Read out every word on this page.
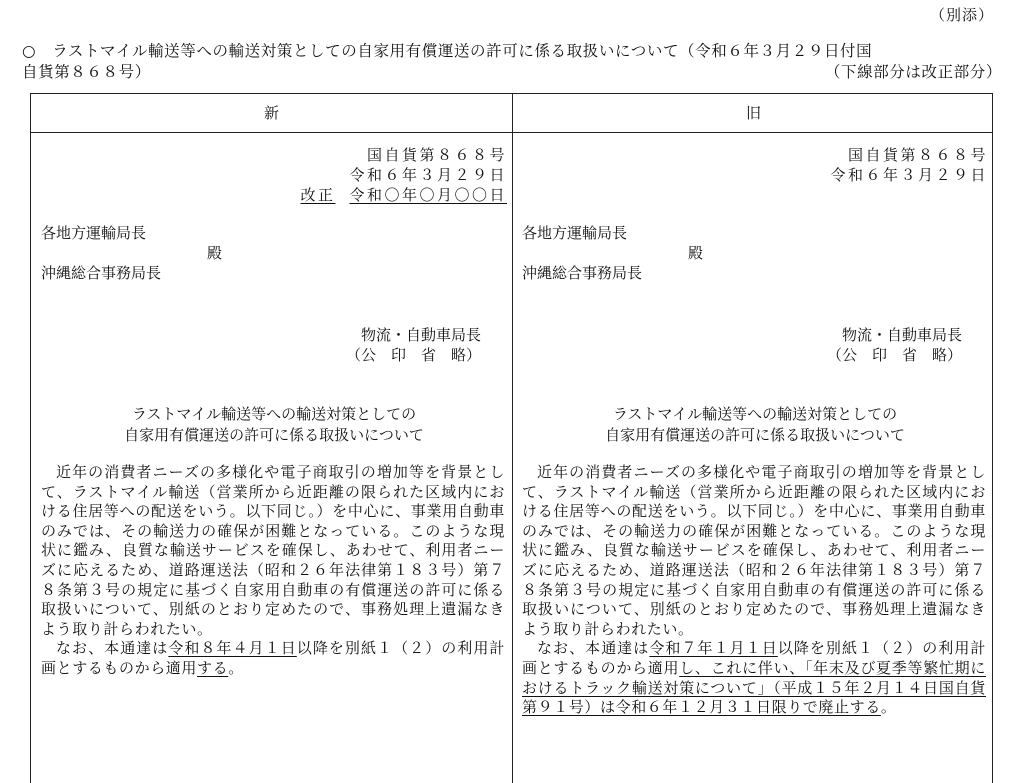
（別添）
○　ラストマイル輸送等への輸送対策としての自家用有償運送の許可に係る取扱いについて（令和６年３月２９日付国
自貨第８６８号）	（下線部分は改正部分）
新	旧
国自貨第８６８号
令和６年３月２９日
改正 令和〇年〇月〇〇日
各地方運輸局長
殿
沖縄総合事務局長
物流・自動車局長
（公　印　省　略）
ラストマイル輸送等への輸送対策としての
自家用有償運送の許可に係る取扱いについて

近年の消費者ニーズの多様化や電子商取引の増加等を背景として、ラストマイル輸送（営業所から近距離の限られた区域内における住居等への配送をいう。以下同じ。）を中心に、事業用自動車のみでは、その輸送力の確保が困難となっている。このような現状に鑑み、良質な輸送サービスを確保し、あわせて、利用者ニーズに応えるため、道路運送法（昭和２６年法律第１８３号）第７８条第３号の規定に基づく自家用自動車の有償運送の許可に係る取扱いについて、別紙のとおり定めたので、事務処理上遺漏なきよう取り計らわれたい。

なお、本通達は令和８年４月１日以降を別紙１（２）の利用計画とするものから適用する。

国自貨第８６８号
令和６年３月２９日
各地方運輸局長
殿
沖縄総合事務局長
物流・自動車局長
（公　印　省　略）
ラストマイル輸送等への輸送対策としての
自家用有償運送の許可に係る取扱いについて

近年の消費者ニーズの多様化や電子商取引の増加等を背景として、ラストマイル輸送（営業所から近距離の限られた区域内における住居等への配送をいう。以下同じ。）を中心に、事業用自動車のみでは、その輸送力の確保が困難となっている。このような現状に鑑み、良質な輸送サービスを確保し、あわせて、利用者ニーズに応えるため、道路運送法（昭和２６年法律第１８３号）第７８条第３号の規定に基づく自家用自動車の有償運送の許可に係る取扱いについて、別紙のとおり定めたので、事務処理上遺漏なきよう取り計らわれたい。

なお、本通達は令和７年１月１日以降を別紙１（２）の利用計画とするものから適用し、これに伴い、「年末及び夏季等繁忙期におけるトラック輸送対策について」（平成１５年２月１４日国自貨第９１号）は令和６年１２月３１日限りで廃止する。
